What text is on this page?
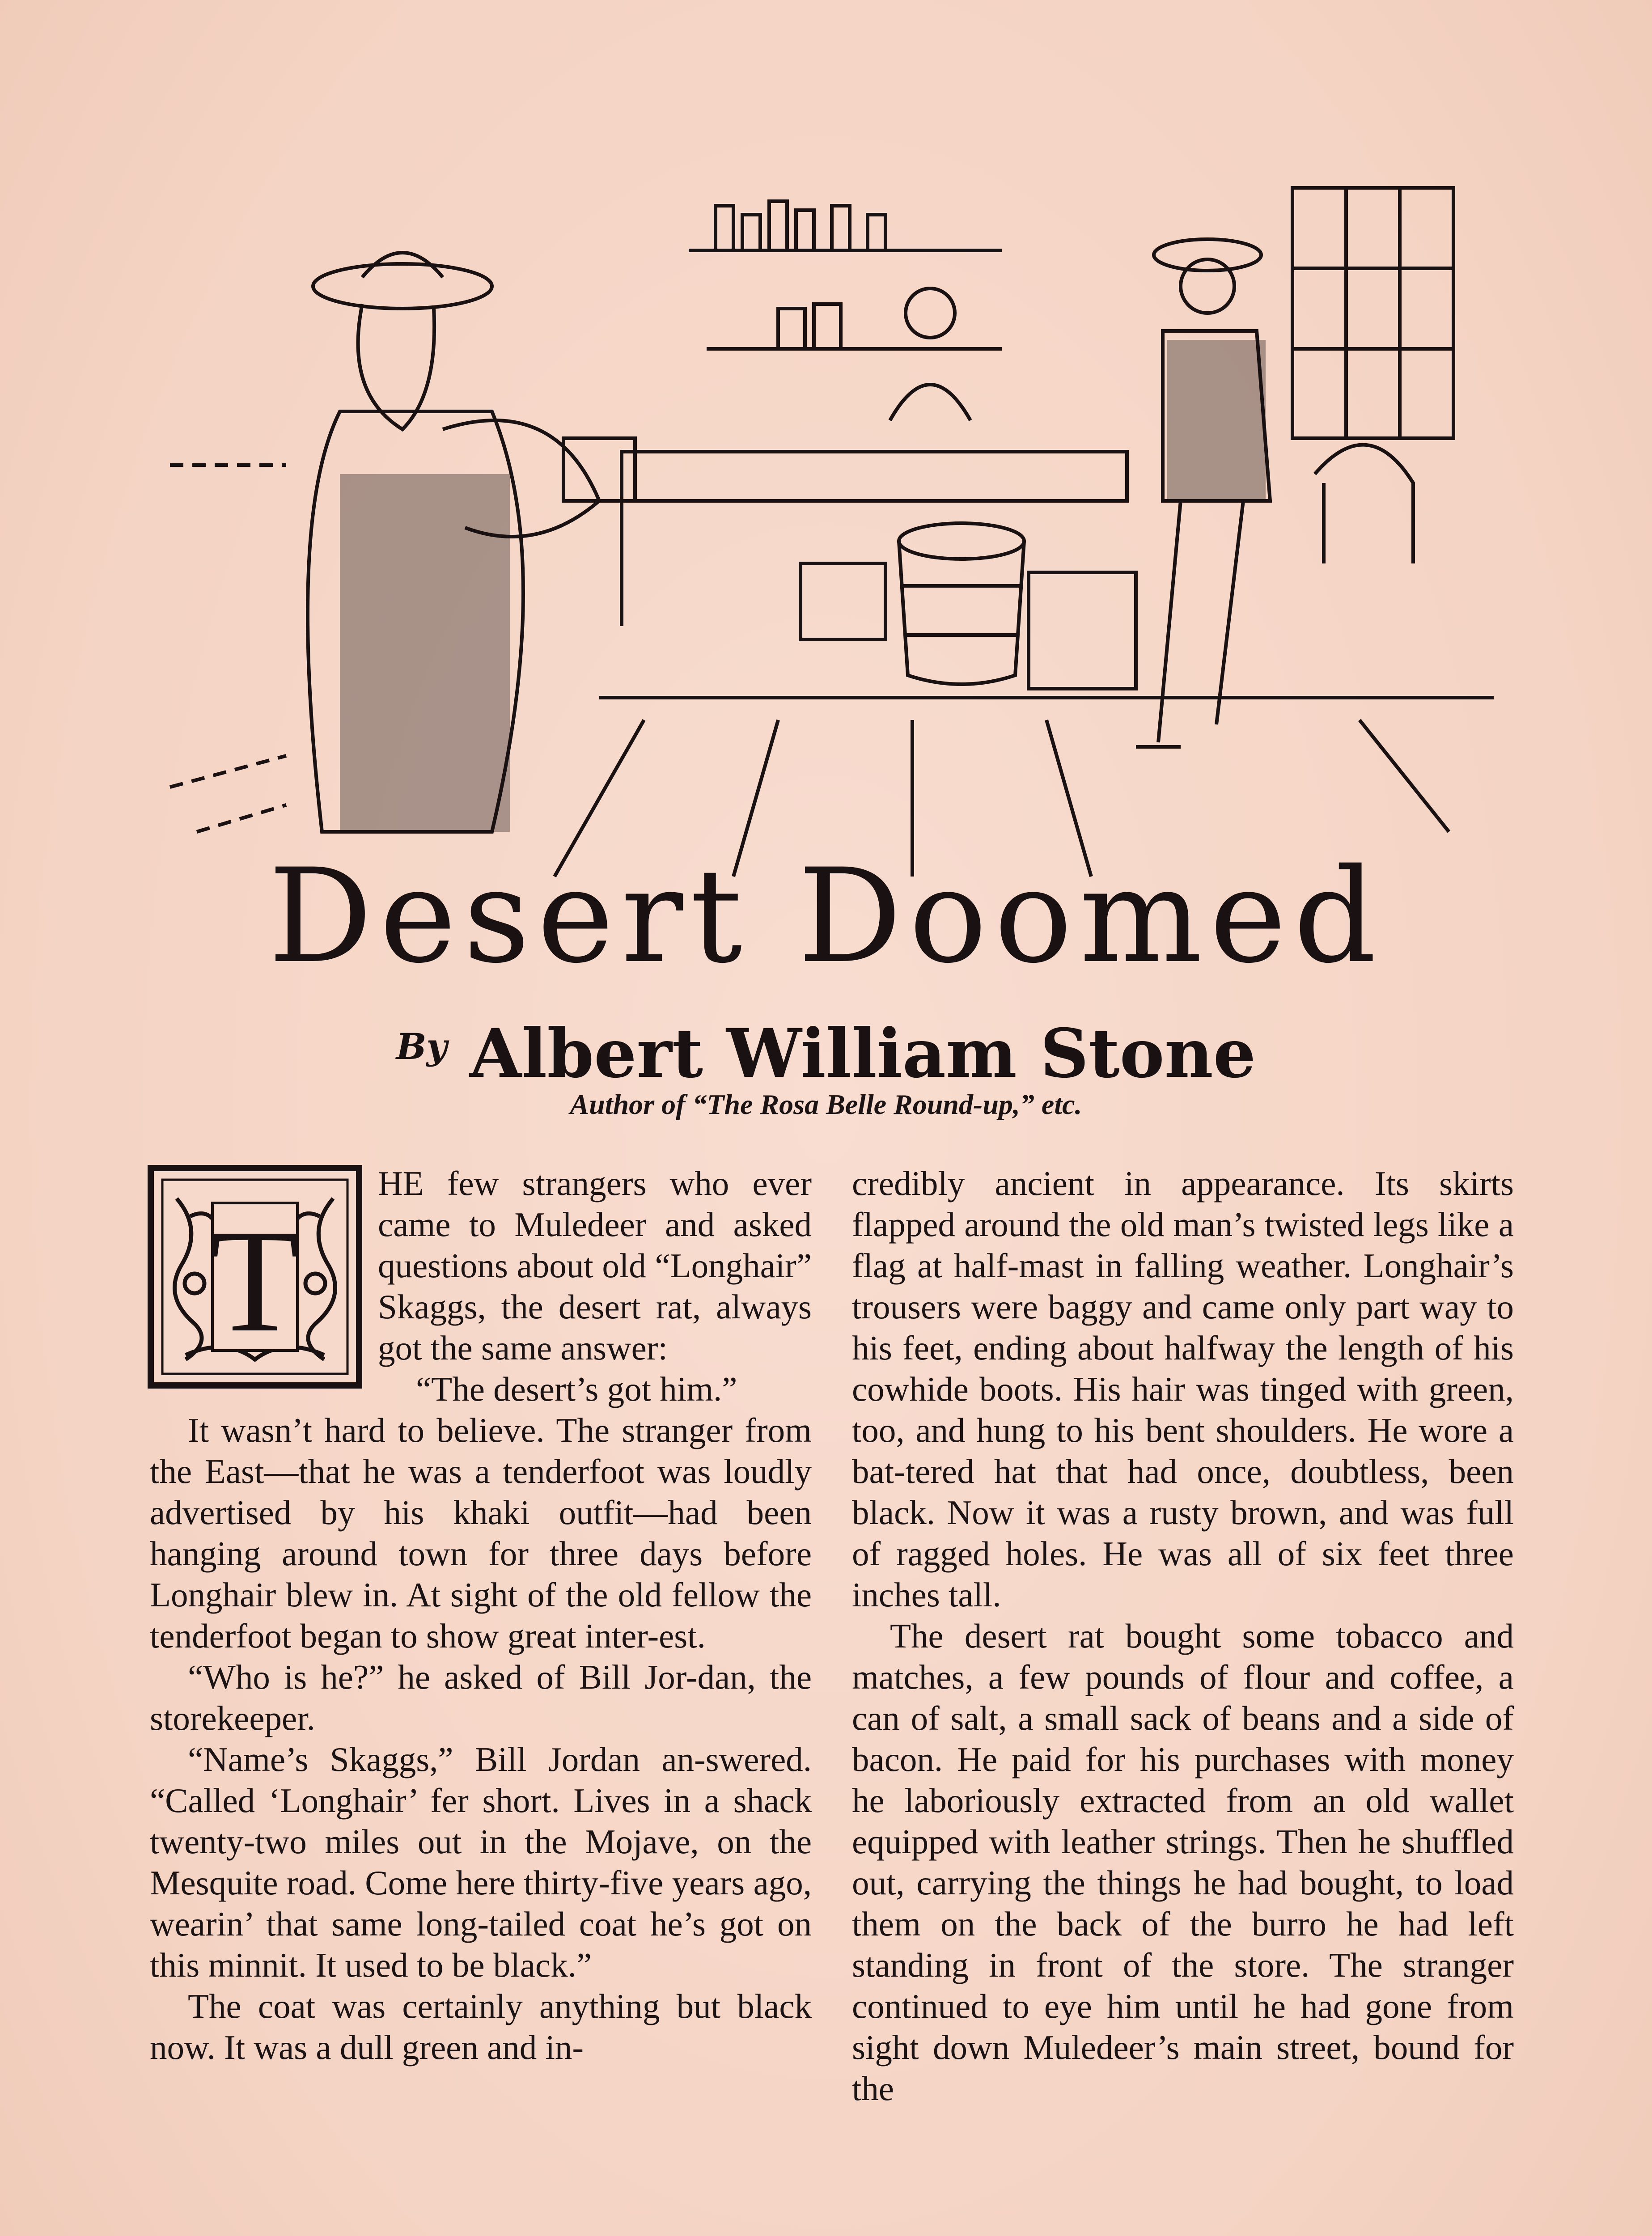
Desert Doomed
$^{By}$ Albert William Stone
Author of “The Rosa Belle Round-up,” etc.
T

HE few strangers who ever came to Muledeer and asked questions about old “Longhair” Skaggs, the desert rat, always got the same answer:

“The desert’s got him.”

It wasn’t hard to believe. The stranger from the East—that he was a tenderfoot was loudly advertised by his khaki outfit—had been hanging around town for three days before Longhair blew in. At sight of the old fellow the tenderfoot began to show great inter-est.

“Who is he?” he asked of Bill Jor-dan, the storekeeper.

“Name’s Skaggs,” Bill Jordan an-swered. “Called ‘Longhair’ fer short. Lives in a shack twenty-two miles out in the Mojave, on the Mesquite road. Come here thirty-five years ago, wearin’ that same long-tailed coat he’s got on this minnit. It used to be black.”

The coat was certainly anything but black now. It was a dull green and in-

credibly ancient in appearance. Its skirts flapped around the old man’s twisted legs like a flag at half-mast in falling weather. Longhair’s trousers were baggy and came only part way to his feet, ending about halfway the length of his cowhide boots. His hair was tinged with green, too, and hung to his bent shoulders. He wore a bat-tered hat that had once, doubtless, been black. Now it was a rusty brown, and was full of ragged holes. He was all of six feet three inches tall.

The desert rat bought some tobacco and matches, a few pounds of flour and coffee, a can of salt, a small sack of beans and a side of bacon. He paid for his purchases with money he laboriously extracted from an old wallet equipped with leather strings. Then he shuffled out, carrying the things he had bought, to load them on the back of the burro he had left standing in front of the store. The stranger continued to eye him until he had gone from sight down Muledeer’s main street, bound for the
